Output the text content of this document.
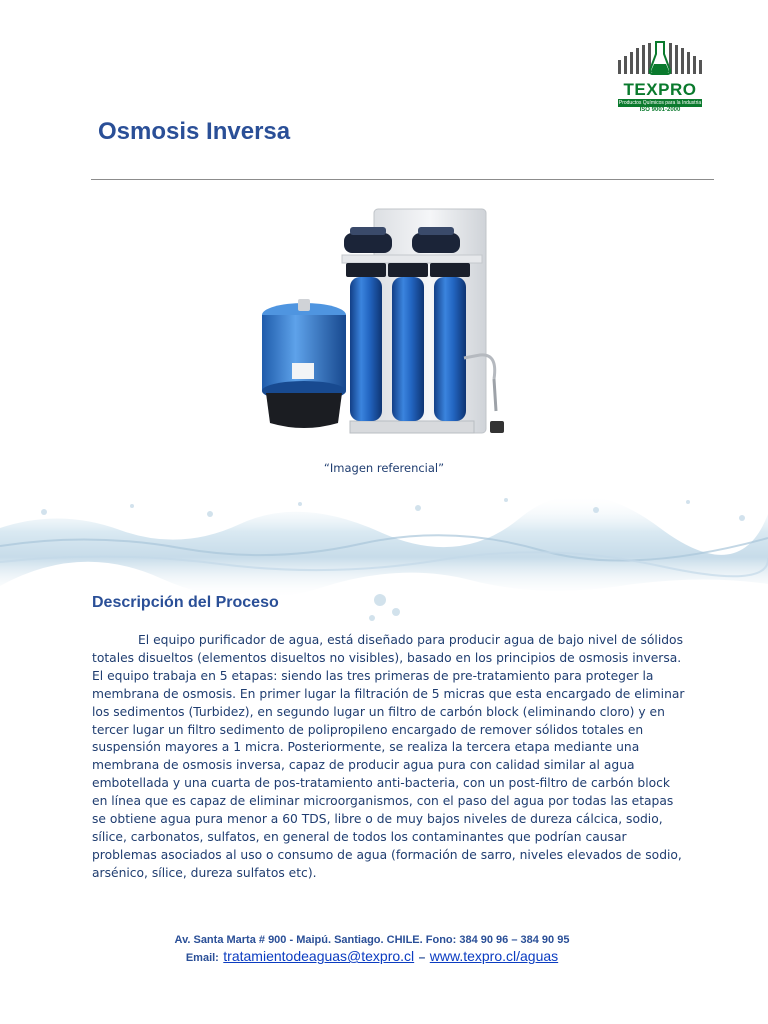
TEXPRO
Productos Químicos para la Industria
ISO 9001-2000
Osmosis Inversa
“Imagen referencial”
Descripción del Proceso

El equipo purificador de agua, está diseñado para producir agua de bajo nivel de sólidos totales disueltos (elementos disueltos no visibles), basado en los principios de osmosis inversa. El equipo trabaja en 5 etapas: siendo las tres primeras de pre-tratamiento para proteger la membrana de osmosis. En primer lugar la filtración de 5 micras que esta encargado de eliminar los sedimentos (Turbidez), en segundo lugar un filtro de carbón block (eliminando cloro) y en tercer lugar un filtro sedimento de polipropileno encargado de remover sólidos totales en suspensión mayores a 1 micra. Posteriormente, se realiza la tercera etapa mediante una membrana de osmosis inversa, capaz de producir agua pura con calidad similar al agua embotellada y una cuarta de pos-tratamiento anti-bacteria, con un post-filtro de carbón block en línea que es capaz de eliminar microorganismos, con el paso del agua por todas las etapas se obtiene agua pura menor a 60 TDS, libre o de muy bajos niveles de dureza cálcica, sodio, sílice, carbonatos, sulfatos, en general de todos los contaminantes que podrían causar problemas asociados al uso o consumo de agua (formación de sarro, niveles elevados de sodio, arsénico, sílice, dureza sulfatos etc).

Av. Santa Marta # 900 - Maipú. Santiago. CHILE. Fono: 384 90 96 – 384 90 95
Email: tratamientodeaguas@texpro.cl – www.texpro.cl/aguas
